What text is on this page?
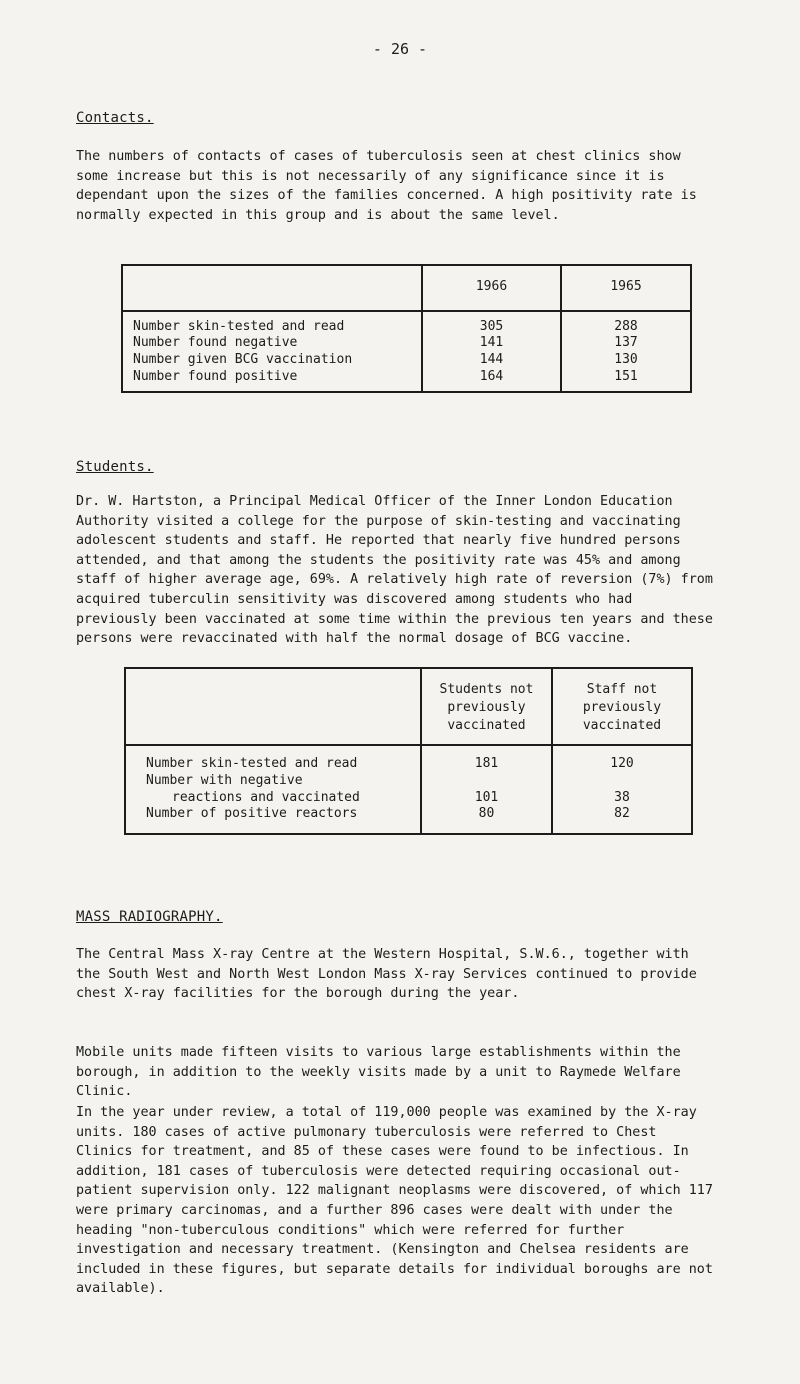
- 26 -
Contacts.

The numbers of contacts of cases of tuberculosis seen at chest clinics show some increase but this is not necessarily of any significance since it is dependant upon the sizes of the families concerned. A high positivity rate is normally expected in this group and is about the same level.

1966	1965
Number skin-tested and read	305	288
Number found negative	141	137
Number given BCG vaccination	144	130
Number found positive	164	151
Students.

Dr. W. Hartston, a Principal Medical Officer of the Inner London Education Authority visited a college for the purpose of skin-testing and vaccinating adolescent students and staff. He reported that nearly five hundred persons attended, and that among the students the positivity rate was 45% and among staff of higher average age, 69%. A relatively high rate of reversion (7%) from acquired tuberculin sensitivity was discovered among students who had previously been vaccinated at some time within the previous ten years and these persons were revaccinated with half the normal dosage of BCG vaccine.

Students not previously vaccinated
Staff not previously vaccinated
Number skin-tested and read	181	120
Number with negative
reactions and vaccinated	101	38
Number of positive reactors	80	82
MASS RADIOGRAPHY.

The Central Mass X-ray Centre at the Western Hospital, S.W.6., together with the South West and North West London Mass X-ray Services continued to provide chest X-ray facilities for the borough during the year.

Mobile units made fifteen visits to various large establishments within the borough, in addition to the weekly visits made by a unit to Raymede Welfare Clinic.

In the year under review, a total of 119,000 people was examined by the X-ray units. 180 cases of active pulmonary tuberculosis were referred to Chest Clinics for treatment, and 85 of these cases were found to be infectious. In addition, 181 cases of tuberculosis were detected requiring occasional out-patient supervision only. 122 malignant neoplasms were discovered, of which 117 were primary carcinomas, and a further 896 cases were dealt with under the heading "non-tuberculous conditions" which were referred for further investigation and necessary treatment. (Kensington and Chelsea residents are included in these figures, but separate details for individual boroughs are not available).
